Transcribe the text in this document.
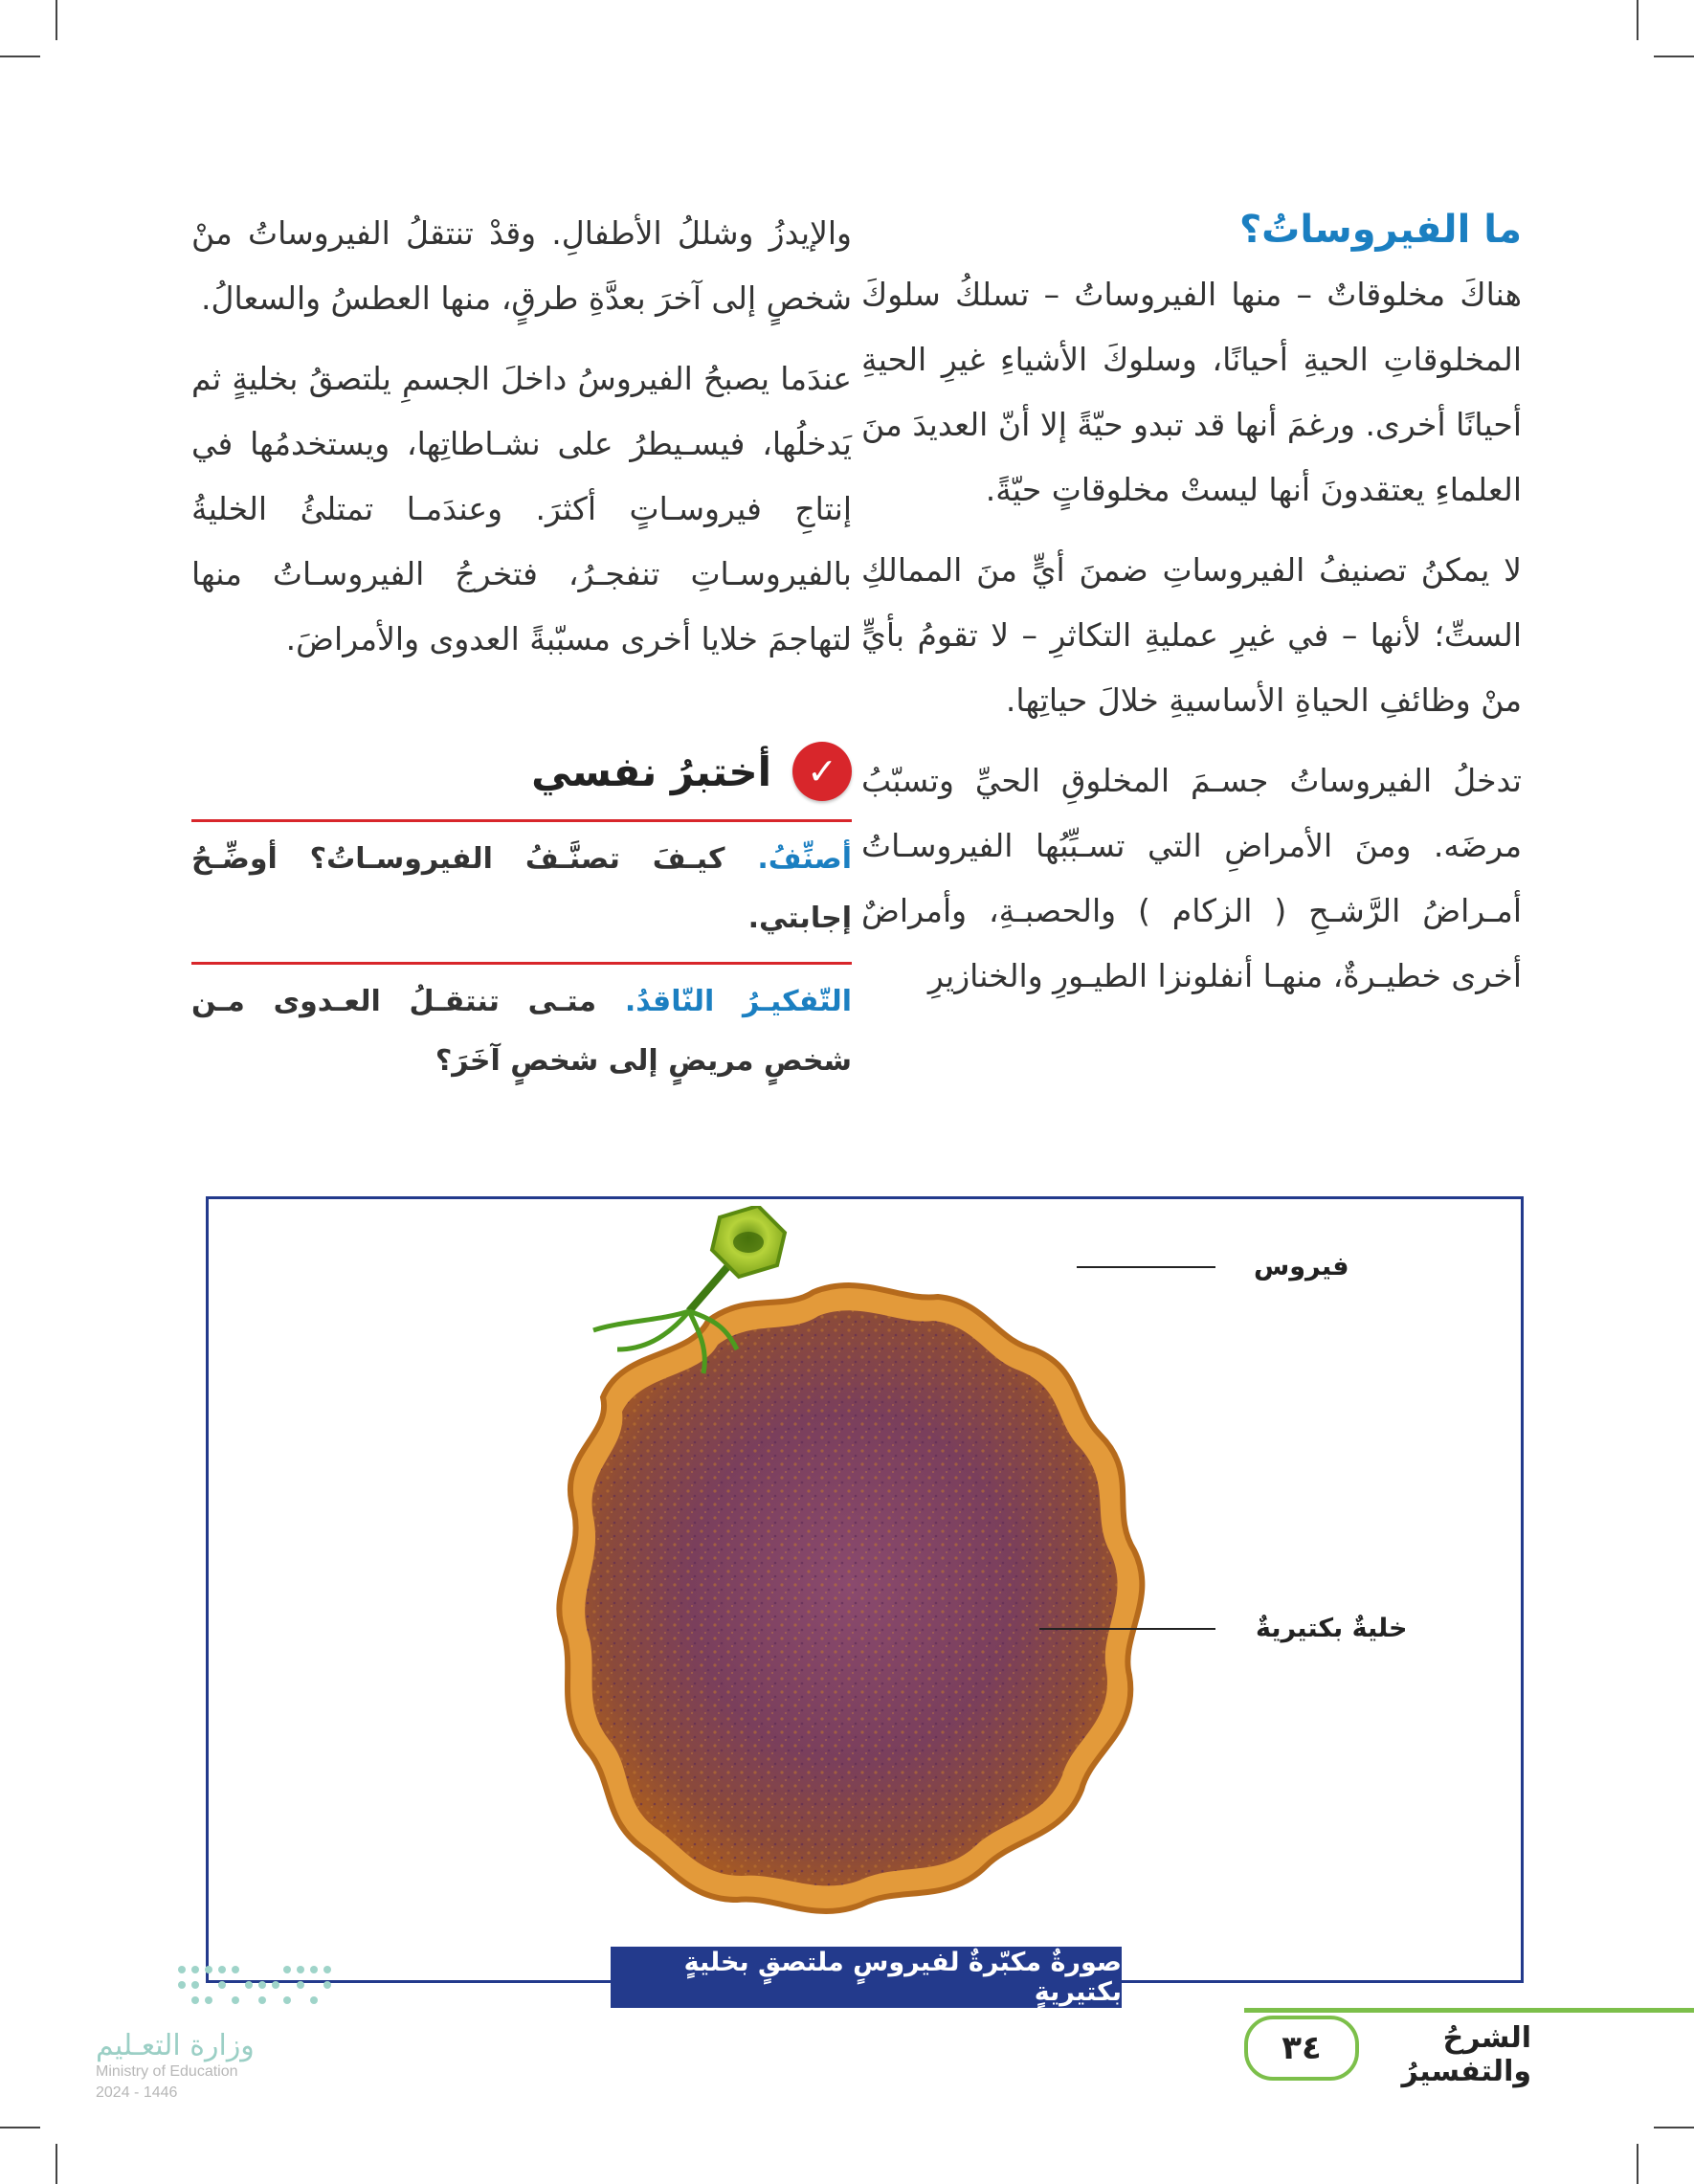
ما الفيروساتُ؟

هناكَ مخلوقاتٌ – منها الفيروساتُ – تسلكُ سلوكَ المخلوقاتِ الحيةِ أحيانًا، وسلوكَ الأشياءِ غيرِ الحيةِ أحيانًا أخرى. ورغمَ أنها قد تبدو حيّةً إلا أنّ العديدَ منَ العلماءِ يعتقدونَ أنها ليستْ مخلوقاتٍ حيّةً.

لا يمكنُ تصنيفُ الفيروساتِ ضمنَ أيٍّ منَ الممالكِ الستِّ؛ لأنها – في غيرِ عمليةِ التكاثرِ – لا تقومُ بأيٍّ منْ وظائفِ الحياةِ الأساسيةِ خلالَ حياتِها.

تدخلُ الفيروساتُ جسـمَ المخلوقِ الحيِّ وتسبّبُ مرضَه. ومنَ الأمراضِ التي تسـبِّبُها الفيروسـاتُ أمـراضُ الرَّشـحِ ( الزكام ) والحصبـةِ، وأمراضٌ أخرى خطيـرةٌ، منهـا أنفلونزا الطيـورِ والخنازيرِ

والإيدزُ وشللُ الأطفالِ. وقدْ تنتقلُ الفيروساتُ منْ شخصٍ إلى آخرَ بعدَّةِ طرقٍ، منها العطسُ والسعالُ.

عندَما يصبحُ الفيروسُ داخلَ الجسمِ يلتصقُ بخليةٍ ثم يَدخلُها، فيسـيطرُ على نشـاطاتِها، ويستخدمُها في إنتاجِ فيروسـاتٍ أكثرَ. وعندَمـا تمتلئُ الخليةُ بالفيروسـاتِ تنفجـرُ، فتخرجُ الفيروسـاتُ منها لتهاجمَ خلايا أخرى مسبّبةً العدوى والأمراضَ.

✓
أختبرُ نفسي

أصنِّفُ. كيـفَ تصنَّـفُ الفيروسـاتُ؟ أوضِّـحُ إجابتي.

التّفكيـرُ النّاقدُ. متـى تنتقـلُ العـدوى مـن شخصٍ مريضٍ إلى شخصٍ آخَرَ؟

فيروس
خليةٌ بكتيريةٌ
صورةٌ مكبّرةٌ لفيروسٍ ملتصقٍ بخليةٍ بكتيريةٍ
٣٤	الشرحُ والتفسيرُ
وزارة التعـليم
Ministry of Education
2024 - 1446
